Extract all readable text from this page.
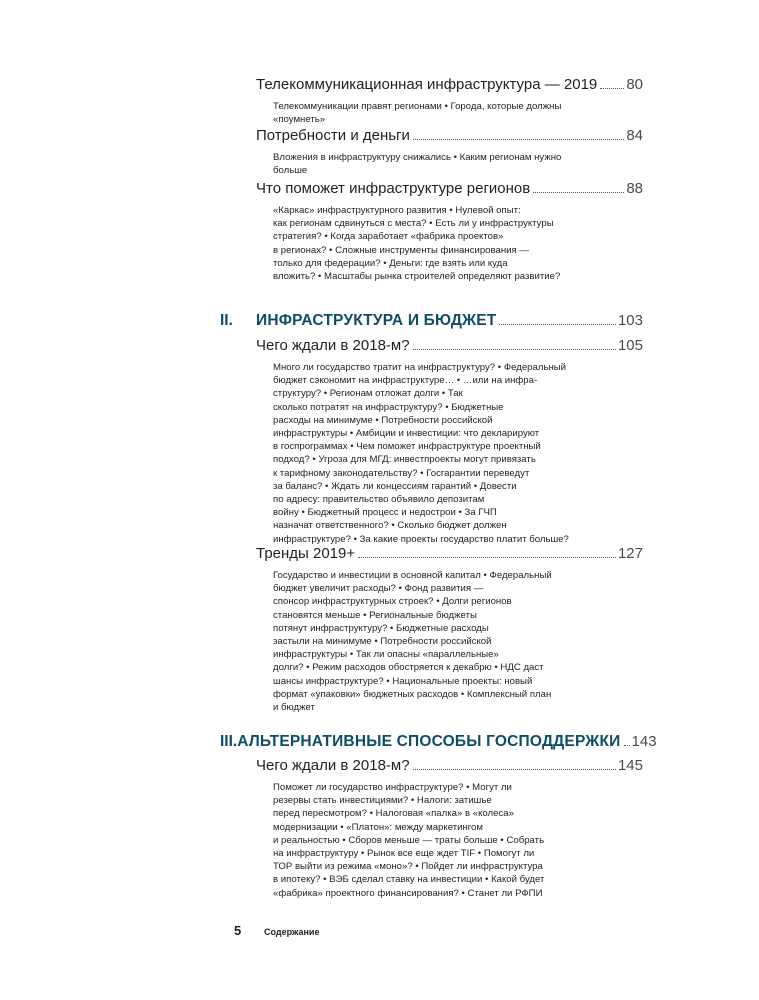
Телекоммуникационная инфраструктура — 2019 80
Телекоммуникации правят регионами • Города, которые должны
«поумнеть»
Потребности и деньги	84
Вложения в инфраструктуру снижались • Каким регионам нужно
больше
Что поможет инфраструктуре регионов	88
«Каркас» инфраструктурного развития • Нулевой опыт:
как регионам сдвинуться с места? • Есть ли у инфраструктуры
стратегия? • Когда заработает «фабрика проектов»
в регионах? • Сложные инструменты финансирования —
только для федерации? • Деньги: где взять или куда
вложить? • Масштабы рынка строителей определяют развитие?
II.	ИНФРАСТРУКТУРА И БЮДЖЕТ	103
Чего ждали в 2018-м?	105
Много ли государство тратит на инфраструктуру? • Федеральный
бюджет сэкономит на инфраструктуре… • …или на инфра-
структуру? • Регионам отложат долги • Так
сколько потратят на инфраструктуру? • Бюджетные
расходы на минимуме • Потребности российской
инфраструктуры • Амбиции и инвестиции: что декларируют
в госпрограммах • Чем поможет инфраструктуре проектный
подход? • Угроза для МГД: инвестпроекты могут привязать
к тарифному законодательству? • Госгарантии переведут
за баланс? • Ждать ли концессиям гарантий • Довести
по адресу: правительство объявило депозитам
войну • Бюджетный процесс и недострои • За ГЧП
назначат ответственного? • Сколько бюджет должен
инфраструктуре? • За какие проекты государство платит больше?
Тренды 2019+	127
Государство и инвестиции в основной капитал • Федеральный
бюджет увеличит расходы? • Фонд развития —
спонсор инфраструктурных строек? • Долги регионов
становятся меньше • Региональные бюджеты
потянут инфраструктуру? • Бюджетные расходы
застыли на минимуме • Потребности российской
инфраструктуры • Так ли опасны «параллельные»
долги? • Режим расходов обостряется к декабрю • НДС даст
шансы инфраструктуре? • Национальные проекты: новый
формат «упаковки» бюджетных расходов • Комплексный план
и бюджет
III. АЛЬТЕРНАТИВНЫЕ СПОСОБЫ ГОСПОДДЕРЖКИ 143
Чего ждали в 2018-м?	145
Поможет ли государство инфраструктуре? • Могут ли
резервы стать инвестициями? • Налоги: затишье
перед пересмотром? • Налоговая «палка» в «колеса»
модернизации • «Платон»: между маркетингом
и реальностью • Сборов меньше — траты больше • Собрать
на инфраструктуру • Рынок все еще ждет TIF • Помогут ли
ТОР выйти из режима «моно»? • Пойдет ли инфраструктура
в ипотеку? • ВЭБ сделал ставку на инвестиции • Какой будет
«фабрика» проектного финансирования? • Станет ли РФПИ
5	Содержание
